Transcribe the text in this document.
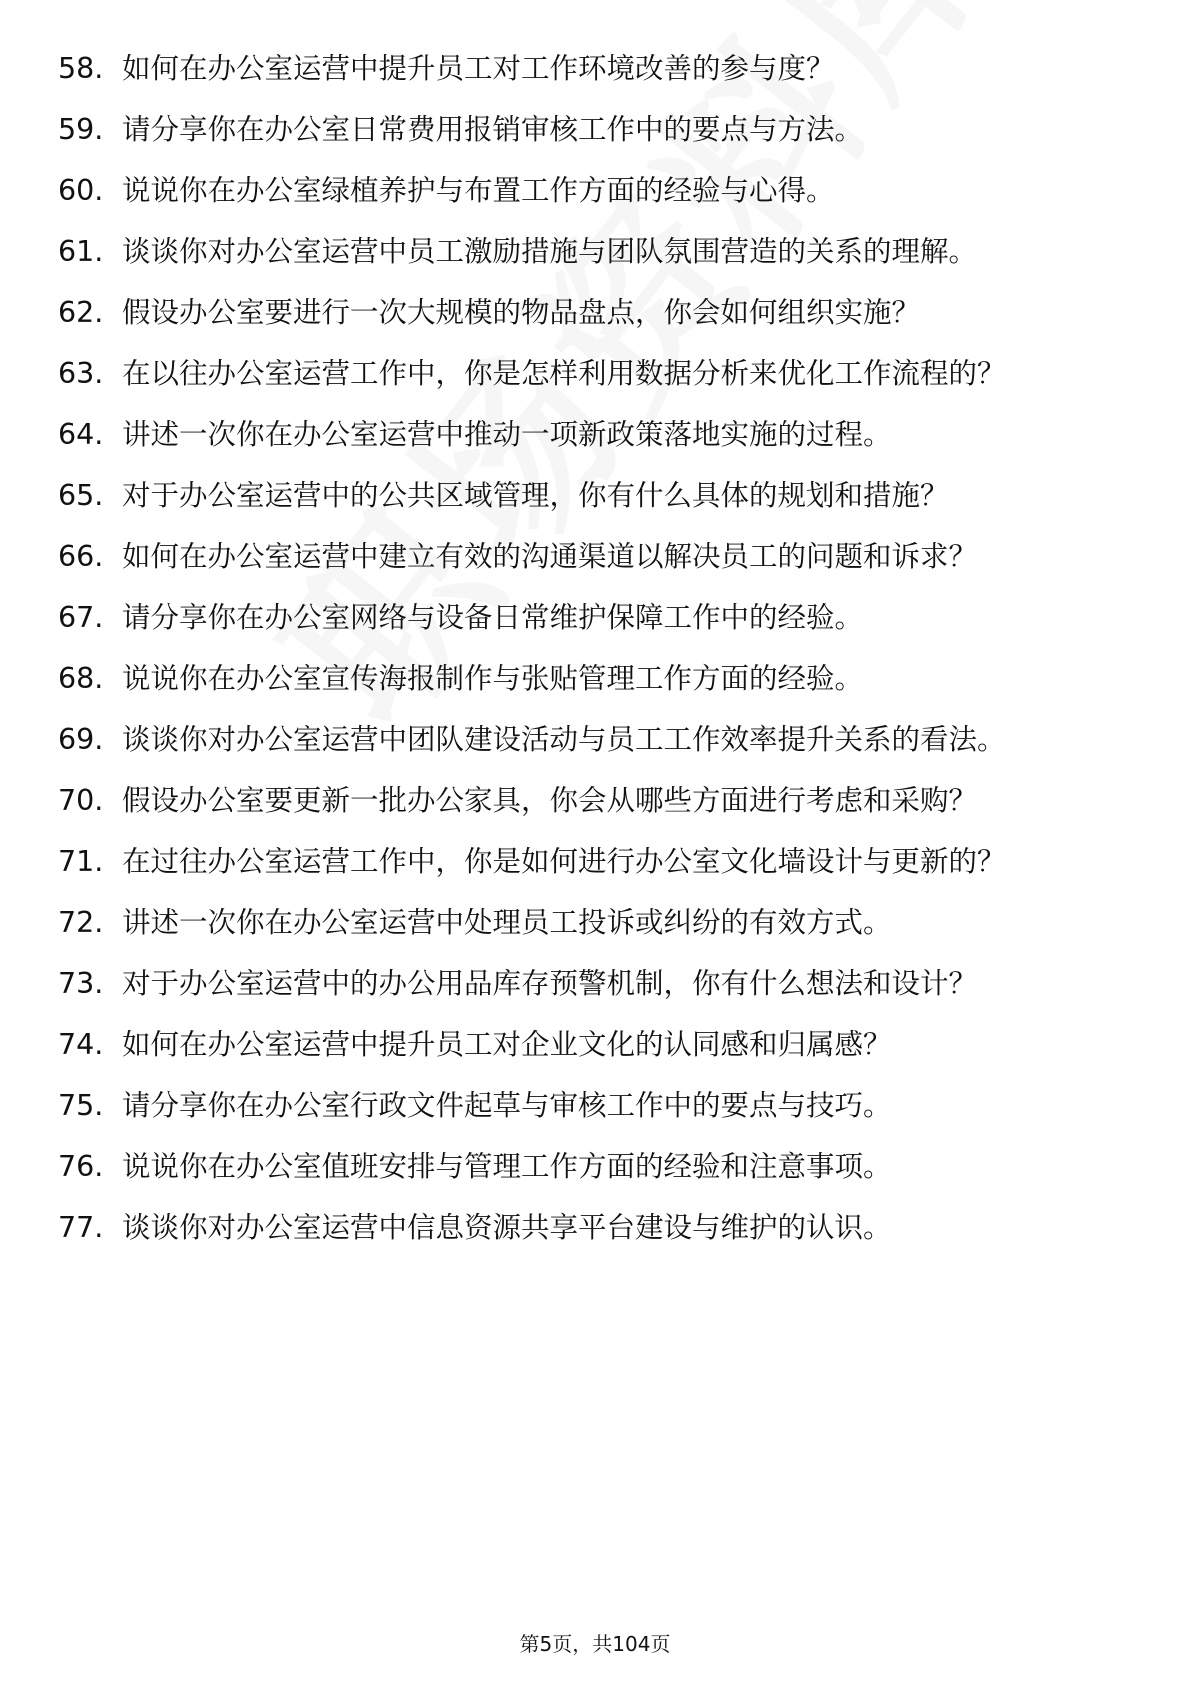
58. 如何在办公室运营中提升员工对工作环境改善的参与度？
59. 请分享你在办公室日常费用报销审核工作中的要点与方法。
60. 说说你在办公室绿植养护与布置工作方面的经验与心得。
61. 谈谈你对办公室运营中员工激励措施与团队氛围营造的关系的理解。
62. 假设办公室要进行一次大规模的物品盘点，你会如何组织实施？
63. 在以往办公室运营工作中，你是怎样利用数据分析来优化工作流程的？
64. 讲述一次你在办公室运营中推动一项新政策落地实施的过程。
65. 对于办公室运营中的公共区域管理，你有什么具体的规划和措施？
66. 如何在办公室运营中建立有效的沟通渠道以解决员工的问题和诉求？
67. 请分享你在办公室网络与设备日常维护保障工作中的经验。
68. 说说你在办公室宣传海报制作与张贴管理工作方面的经验。
69. 谈谈你对办公室运营中团队建设活动与员工工作效率提升关系的看法。
70. 假设办公室要更新一批办公家具，你会从哪些方面进行考虑和采购？
71. 在过往办公室运营工作中，你是如何进行办公室文化墙设计与更新的？
72. 讲述一次你在办公室运营中处理员工投诉或纠纷的有效方式。
73. 对于办公室运营中的办公用品库存预警机制，你有什么想法和设计？
74. 如何在办公室运营中提升员工对企业文化的认同感和归属感？
75. 请分享你在办公室行政文件起草与审核工作中的要点与技巧。
76. 说说你在办公室值班安排与管理工作方面的经验和注意事项。
77. 谈谈你对办公室运营中信息资源共享平台建设与维护的认识。
第5页，共104页
